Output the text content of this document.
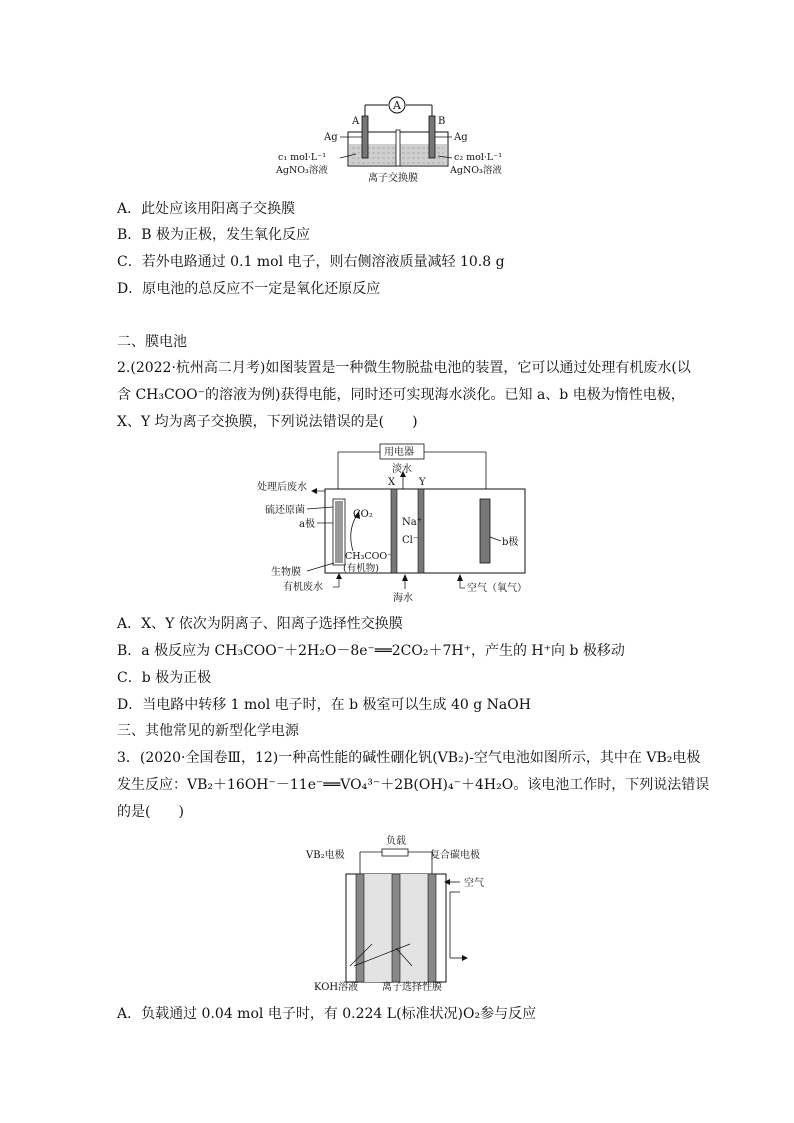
A
A	B
Ag	Ag
c₁ mol·L⁻¹
AgNO₃溶液
c₂ mol·L⁻¹
AgNO₃溶液
离子交换膜
A．此处应该用阳离子交换膜
B．B 极为正极，发生氧化反应
C．若外电路通过 0.1 mol 电子，则右侧溶液质量减轻 10.8 g
D．原电池的总反应不一定是氧化还原反应
二、膜电池
2.(2022·杭州高二月考)如图装置是一种微生物脱盐电池的装置，它可以通过处理有机废水(以
含 CH₃COO⁻的溶液为例)获得电能，同时还可实现海水淡化。已知 a、b 电极为惰性电极，
X、Y 均为离子交换膜，下列说法错误的是(　　)
用电器
淡水
X Y
b极
处理后废水
硫还原菌
a极
CO₂
Na⁺
Cl⁻
CH₃COO⁻
(有机物)
生物膜
有机废水
海水
空气（氧气）
A．X、Y 依次为阴离子、阳离子选择性交换膜
B．a 极反应为 CH₃COO⁻＋2H₂O－8e⁻══2CO₂＋7H⁺，产生的 H⁺向 b 极移动
C．b 极为正极
D．当电路中转移 1 mol 电子时，在 b 极室可以生成 40 g NaOH
三、其他常见的新型化学电源
3．(2020·全国卷Ⅲ，12)一种高性能的碱性硼化钒(VB₂)-空气电池如图所示，其中在 VB₂电极
发生反应：VB₂＋16OH⁻－11e⁻══VO₄³⁻＋2B(OH)₄⁻＋4H₂O。该电池工作时，下列说法错误
的是(　　)
负载
VB₂电极	复合碳电极
空气
KOH溶液 离子选择性膜
A．负载通过 0.04 mol 电子时，有 0.224 L(标准状况)O₂参与反应
